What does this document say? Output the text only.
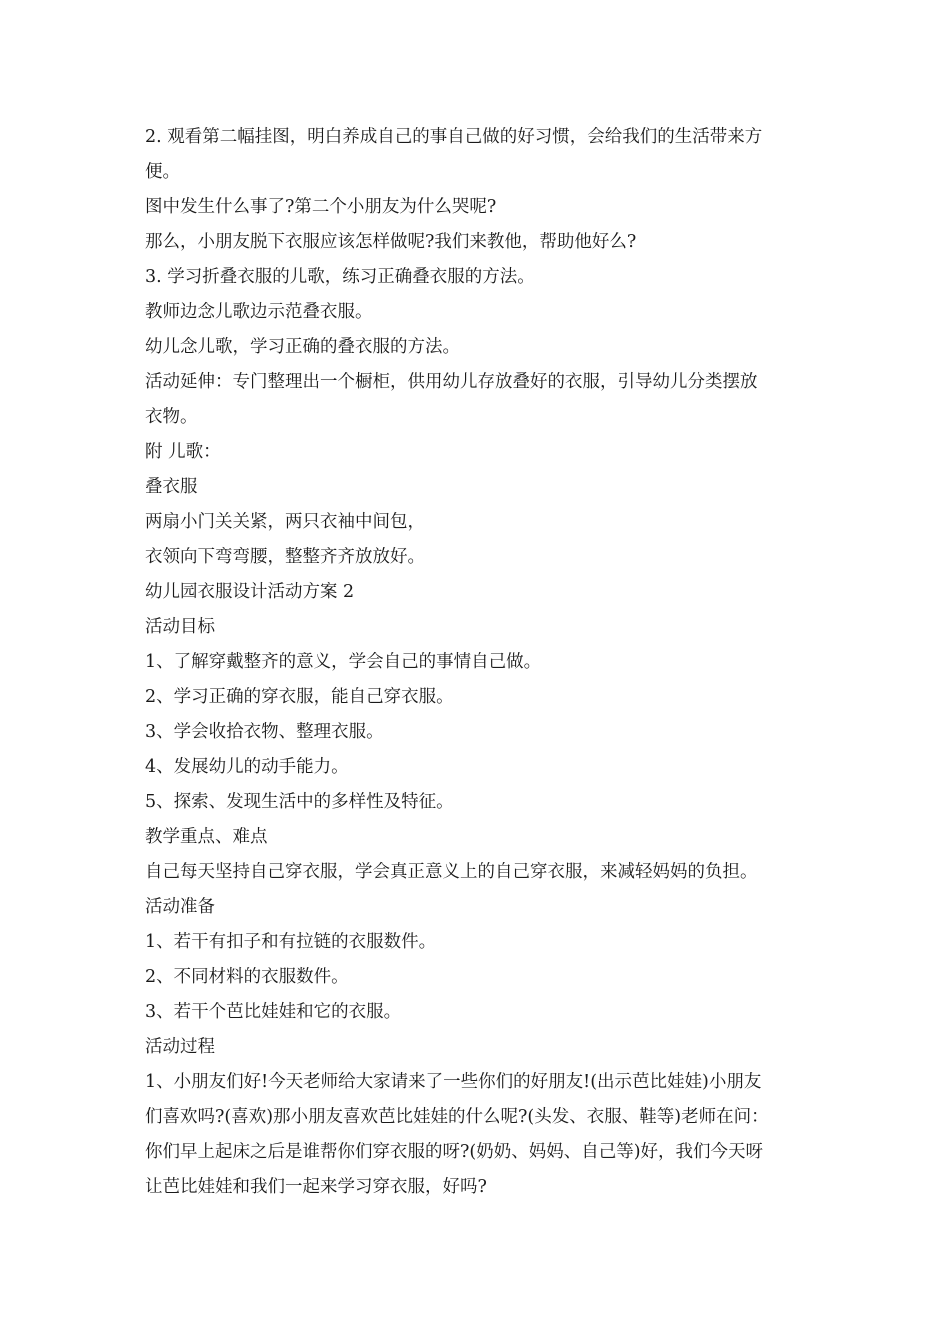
2. 观看第二幅挂图，明白养成自己的事自己做的好习惯，会给我们的生活带来方

便。

图中发生什么事了?第二个小朋友为什么哭呢?

那么，小朋友脱下衣服应该怎样做呢?我们来教他，帮助他好么?

3. 学习折叠衣服的儿歌，练习正确叠衣服的方法。

教师边念儿歌边示范叠衣服。

幼儿念儿歌，学习正确的叠衣服的方法。

活动延伸：专门整理出一个橱柜，供用幼儿存放叠好的衣服，引导幼儿分类摆放

衣物。

附 儿歌：

叠衣服

两扇小门关关紧，两只衣袖中间包，

衣领向下弯弯腰，整整齐齐放放好。

幼儿园衣服设计活动方案 2

活动目标

1、了解穿戴整齐的意义，学会自己的事情自己做。

2、学习正确的穿衣服，能自己穿衣服。

3、学会收拾衣物、整理衣服。

4、发展幼儿的动手能力。

5、探索、发现生活中的多样性及特征。

教学重点、难点

自己每天坚持自己穿衣服，学会真正意义上的自己穿衣服，来减轻妈妈的负担。

活动准备

1、若干有扣子和有拉链的衣服数件。

2、不同材料的衣服数件。

3、若干个芭比娃娃和它的衣服。

活动过程

1、小朋友们好!今天老师给大家请来了一些你们的好朋友!(出示芭比娃娃)小朋友

们喜欢吗?(喜欢)那小朋友喜欢芭比娃娃的什么呢?(头发、衣服、鞋等)老师在问：

你们早上起床之后是谁帮你们穿衣服的呀?(奶奶、妈妈、自己等)好，我们今天呀

让芭比娃娃和我们一起来学习穿衣服，好吗?
